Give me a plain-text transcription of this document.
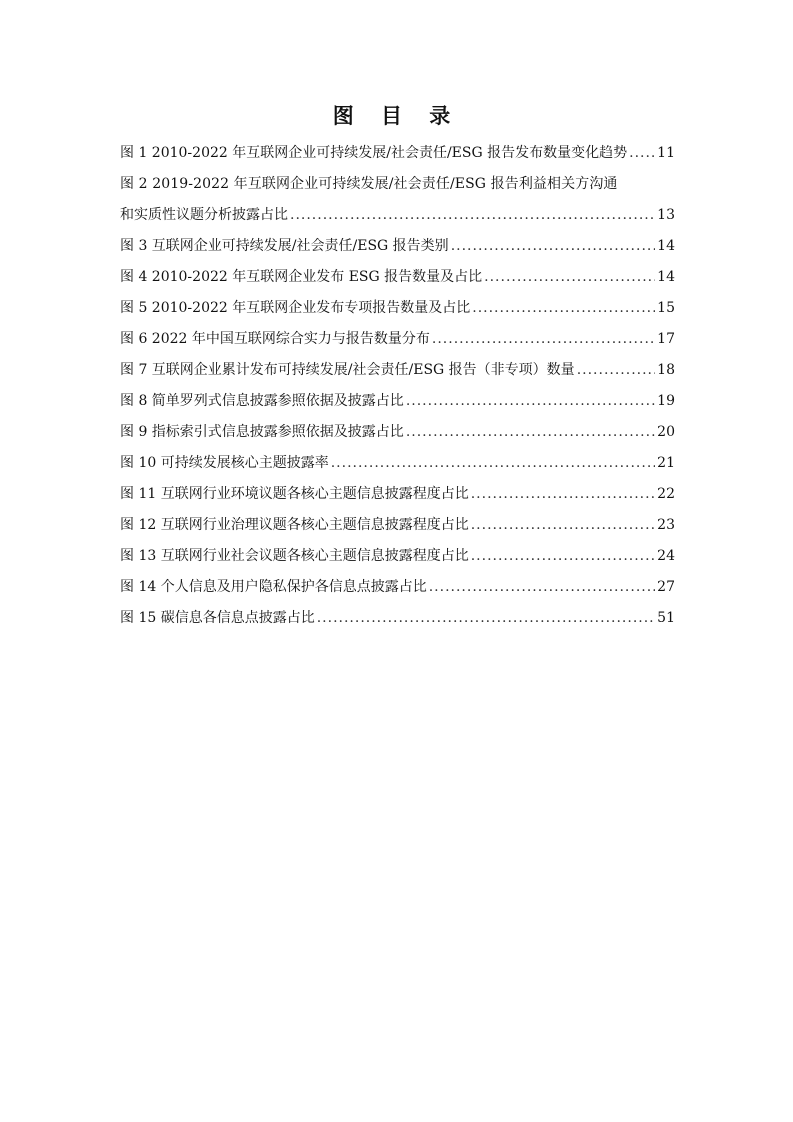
图 目 录
图 1 2010-2022 年互联网企业可持续发展/社会责任/ESG 报告发布数量变化趋势 ..... 11
图 2 2019-2022 年互联网企业可持续发展/社会责任/ESG 报告利益相关方沟通
和实质性议题分析披露占比 .....	13
图 3 互联网企业可持续发展/社会责任/ESG 报告类别 .....	14
图 4 2010-2022 年互联网企业发布 ESG 报告数量及占比 .....	14
图 5 2010-2022 年互联网企业发布专项报告数量及占比 .....	15
图 6 2022 年中国互联网综合实力与报告数量分布 .....	17
图 7 互联网企业累计发布可持续发展/社会责任/ESG 报告（非专项）数量 .....	18
图 8 简单罗列式信息披露参照依据及披露占比 .....	19
图 9 指标索引式信息披露参照依据及披露占比 .....	20
图 10 可持续发展核心主题披露率 .....	21
图 11 互联网行业环境议题各核心主题信息披露程度占比 .....	22
图 12 互联网行业治理议题各核心主题信息披露程度占比 .....	23
图 13 互联网行业社会议题各核心主题信息披露程度占比 .....	24
图 14 个人信息及用户隐私保护各信息点披露占比 .....	27
图 15 碳信息各信息点披露占比 .....	51
